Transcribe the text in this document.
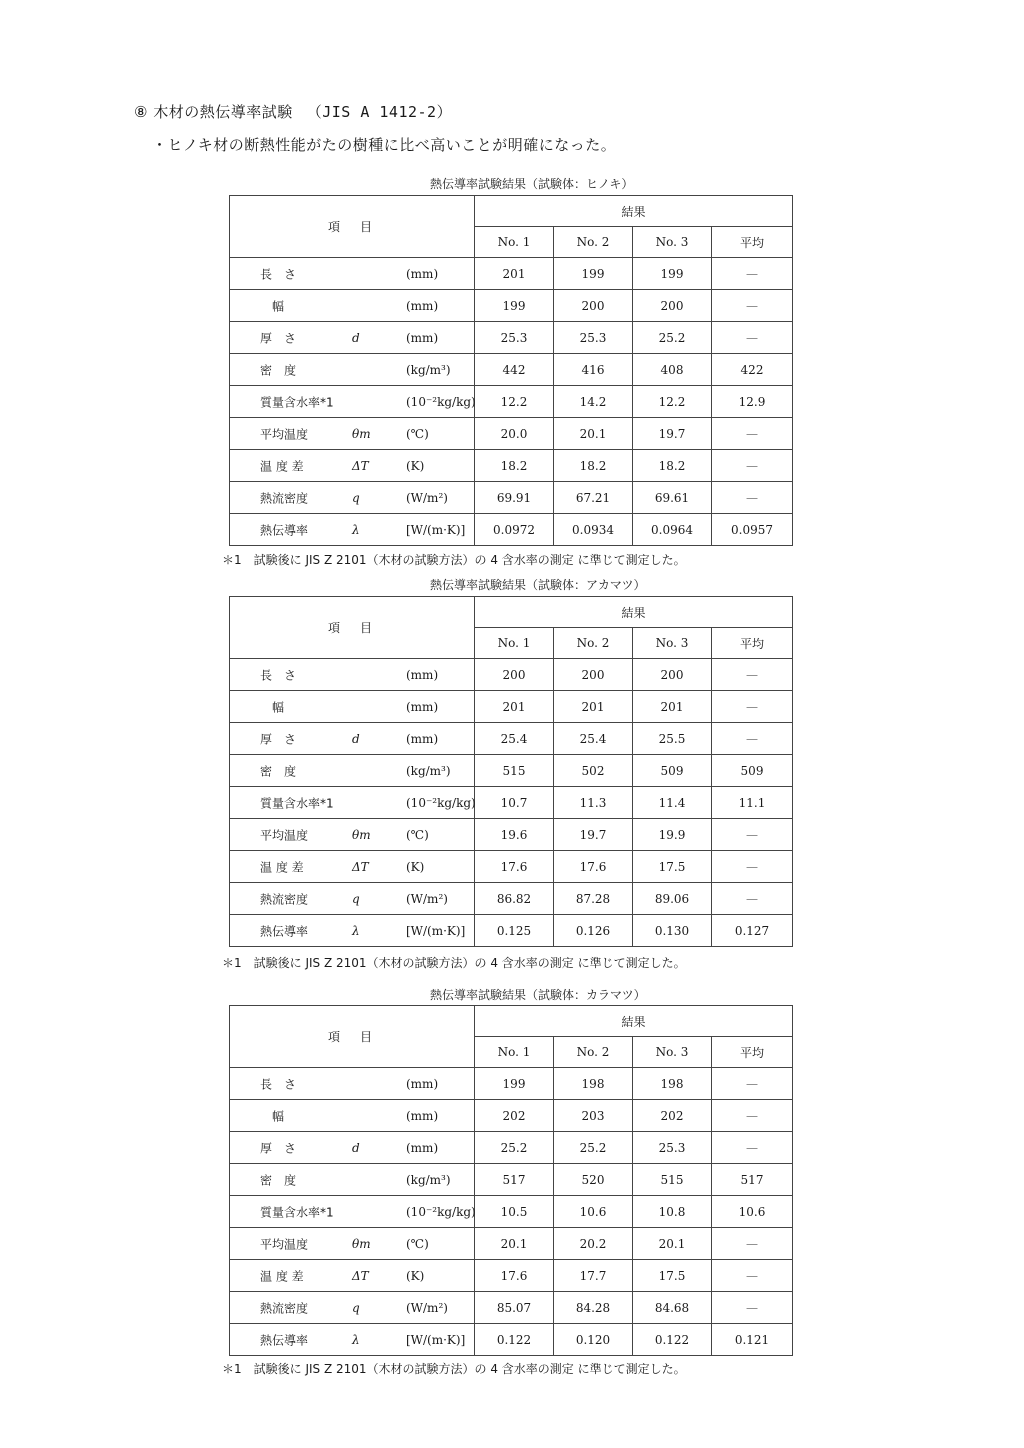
⑧ 木材の熱伝導率試験 （JIS A 1412-2）
・ヒノキ材の断熱性能がたの樹種に比べ高いことが明確になった。
熱伝導率試験結果（試験体：ヒノキ）
項　目	結果			
	No. 1	No. 2	No. 3	平均

長　さ (mm)	201	199	199	—

　幅 (mm)	199	200	200	—

厚　さ d (mm)	25.3	25.3	25.2	—

密　度 (kg/m³)	442	416	408	422

質量含水率*1 (10⁻²kg/kg)	12.2	14.2	12.2	12.9

平均温度 θm (℃)	20.0	20.1	19.7	—

温 度 差 ΔT (K)	18.2	18.2	18.2	—

熱流密度 q (W/m²)	69.91	67.21	69.61	—

熱伝導率 λ [W/(m·K)]	0.0972	0.0934	0.0964	0.0957
＊1　試験後に JIS Z 2101（木材の試験方法）の 4 含水率の測定 に準じて測定した。
熱伝導率試験結果（試験体：アカマツ）
項　目	結果			
	No. 1	No. 2	No. 3	平均

長　さ (mm)	200	200	200	—

　幅 (mm)	201	201	201	—

厚　さ d (mm)	25.4	25.4	25.5	—

密　度 (kg/m³)	515	502	509	509

質量含水率*1 (10⁻²kg/kg)	10.7	11.3	11.4	11.1

平均温度 θm (℃)	19.6	19.7	19.9	—

温 度 差 ΔT (K)	17.6	17.6	17.5	—

熱流密度 q (W/m²)	86.82	87.28	89.06	—

熱伝導率 λ [W/(m·K)]	0.125	0.126	0.130	0.127
＊1　試験後に JIS Z 2101（木材の試験方法）の 4 含水率の測定 に準じて測定した。
熱伝導率試験結果（試験体：カラマツ）
項　目	結果			
	No. 1	No. 2	No. 3	平均

長　さ (mm)	199	198	198	—

　幅 (mm)	202	203	202	—

厚　さ d (mm)	25.2	25.2	25.3	—

密　度 (kg/m³)	517	520	515	517

質量含水率*1 (10⁻²kg/kg)	10.5	10.6	10.8	10.6

平均温度 θm (℃)	20.1	20.2	20.1	—

温 度 差 ΔT (K)	17.6	17.7	17.5	—

熱流密度 q (W/m²)	85.07	84.28	84.68	—

熱伝導率 λ [W/(m·K)]	0.122	0.120	0.122	0.121
＊1　試験後に JIS Z 2101（木材の試験方法）の 4 含水率の測定 に準じて測定した。
